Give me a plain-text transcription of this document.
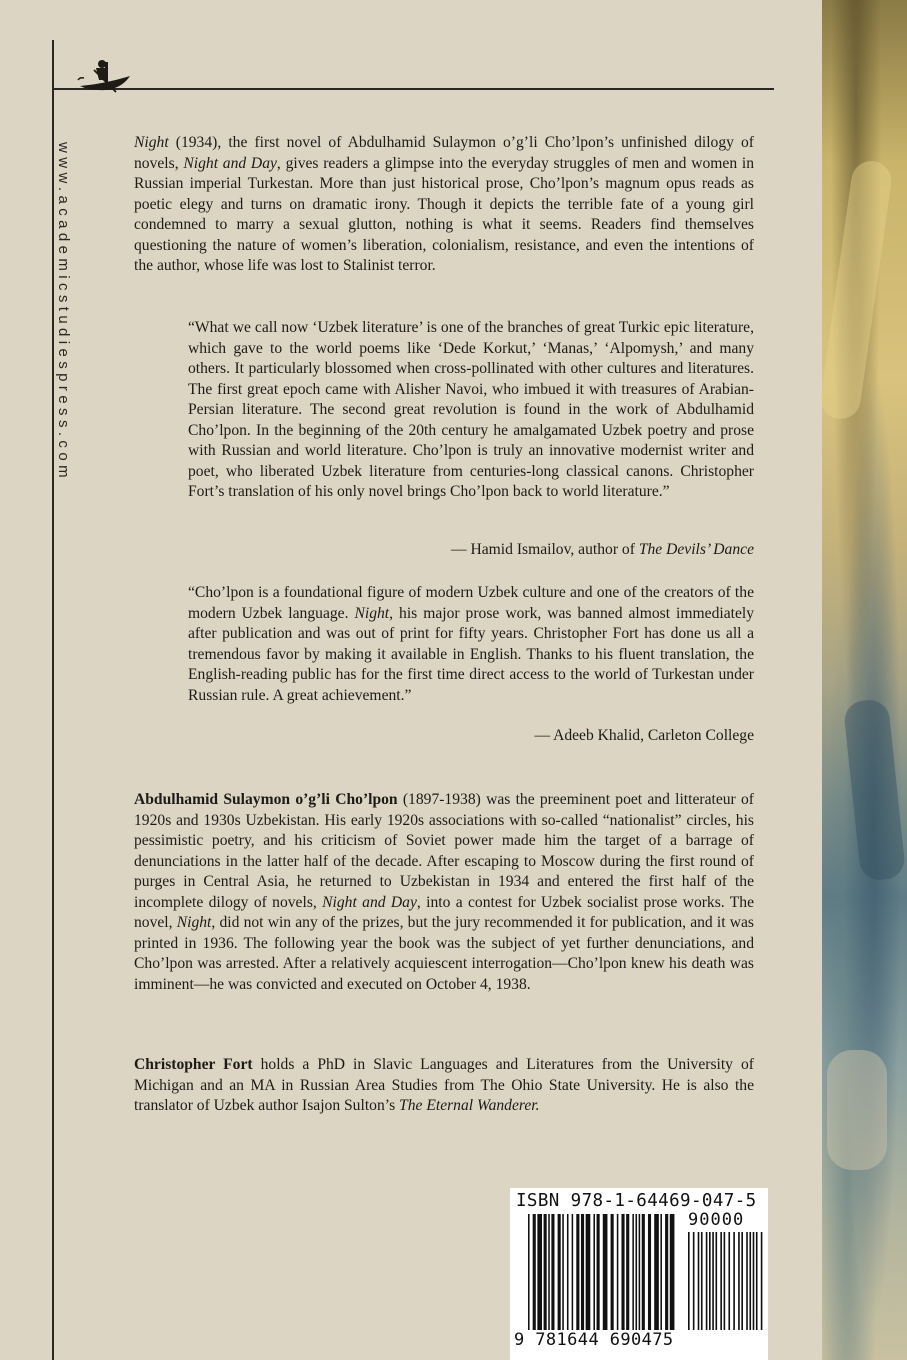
www.academicstudiespress.com	Night (1934), the first novel of Abdulhamid Sulaymon o’g’li Cho’lpon’s unfinished dilogy of novels, Night and Day, gives readers a glimpse into the everyday struggles of men and women in Russian imperial Turkestan. More than just historical prose, Cho’lpon’s magnum opus reads as poetic elegy and turns on dramatic irony. Though it depicts the terrible fate of a young girl condemned to marry a sexual glutton, nothing is what it seems. Readers find themselves questioning the nature of women’s liberation, colonialism, resistance, and even the intentions of the author, whose life was lost to Stalinist terror.

“What we call now ‘Uzbek literature’ is one of the branches of great Turkic epic literature, which gave to the world poems like ‘Dede Korkut,’ ‘Manas,’ ‘Alpomysh,’ and many others. It particularly blossomed when cross-pollinated with other cultures and literatures. The first great epoch came with Alisher Navoi, who imbued it with treasures of Arabian-Persian literature. The second great revolution is found in the work of Abdulhamid Cho’lpon. In the beginning of the 20th century he amalgamated Uzbek poetry and prose with Russian and world literature. Cho’lpon is truly an innovative modernist writer and poet, who liberated Uzbek literature from centuries-long classical canons. Christopher Fort’s translation of his only novel brings Cho’lpon back to world literature.”

— Hamid Ismailov, author of The Devils’ Dance

“Cho’lpon is a foundational figure of modern Uzbek culture and one of the creators of the modern Uzbek language. Night, his major prose work, was banned almost immediately after publication and was out of print for fifty years. Christopher Fort has done us all a tremendous favor by making it available in English. Thanks to his fluent translation, the English-reading public has for the first time direct access to the world of Turkestan under Russian rule. A great achievement.”

— Adeeb Khalid, Carleton College

Abdulhamid Sulaymon o’g’li Cho’lpon (1897-1938) was the preeminent poet and litterateur of 1920s and 1930s Uzbekistan. His early 1920s associations with so-called “nationalist” circles, his pessimistic poetry, and his criticism of Soviet power made him the target of a barrage of denunciations in the latter half of the decade. After escaping to Moscow during the first round of purges in Central Asia, he returned to Uzbekistan in 1934 and entered the first half of the incomplete dilogy of novels, Night and Day, into a contest for Uzbek socialist prose works. The novel, Night, did not win any of the prizes, but the jury recommended it for publication, and it was printed in 1936. The following year the book was the subject of yet further denunciations, and Cho’lpon was arrested. After a relatively acquiescent interrogation—Cho’lpon knew his death was imminent—he was convicted and executed on October 4, 1938.

Christopher Fort holds a PhD in Slavic Languages and Literatures from the University of Michigan and an MA in Russian Area Studies from The Ohio State University. He is also the translator of Uzbek author Isajon Sulton’s The Eternal Wanderer.

ISBN 978-1-64469-047-5
90000
9 781644 690475
